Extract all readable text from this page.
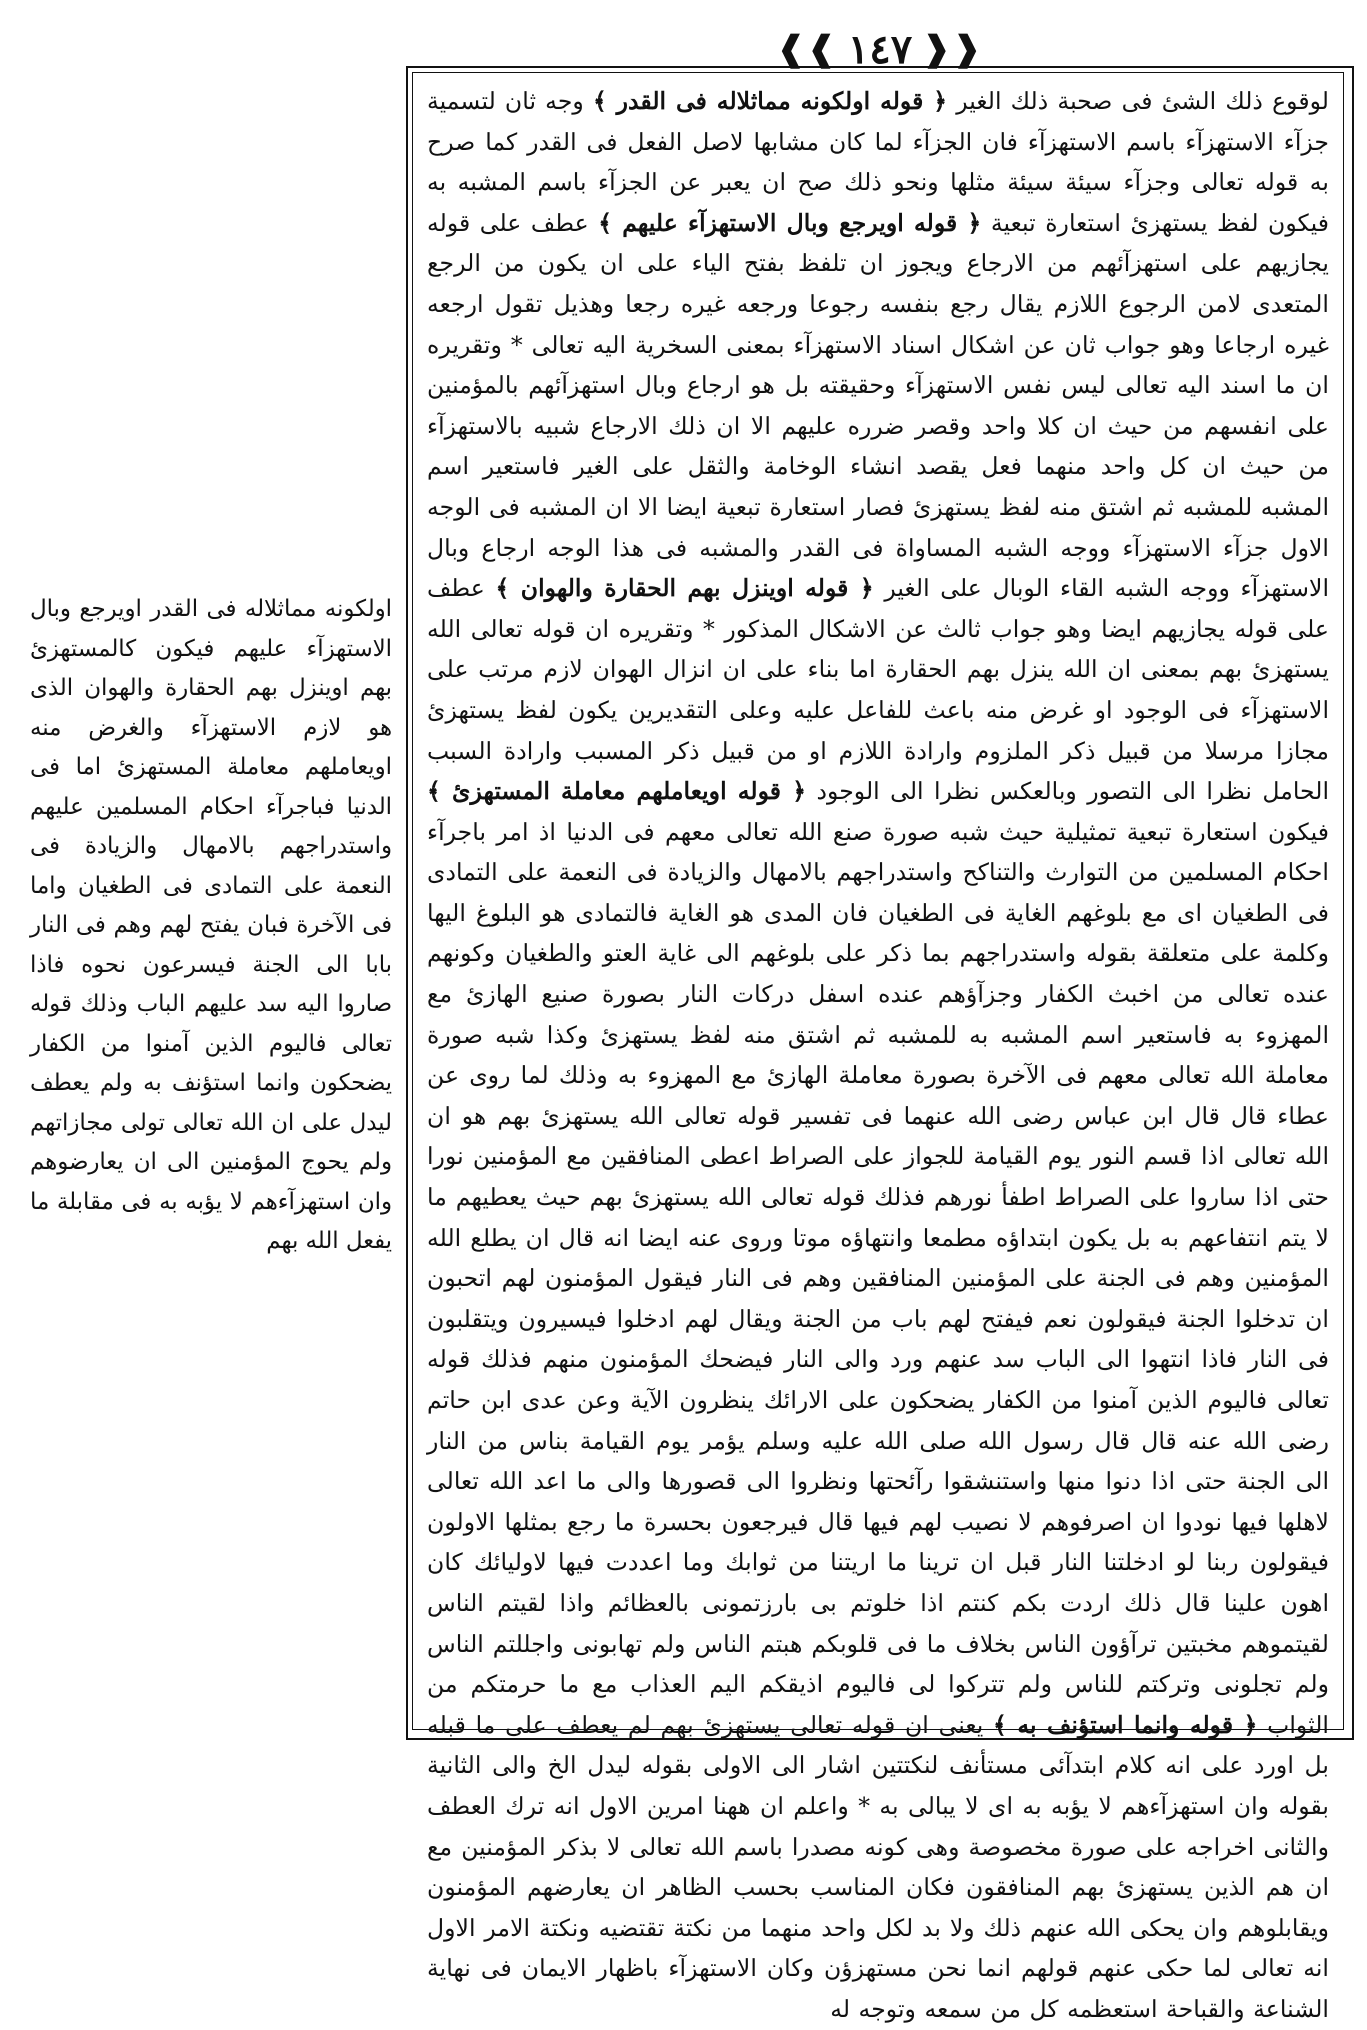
❰❰ ١٤٧ ❱❱

لوقوع ذلك الشیٔ فی صحبة ذلك الغیر ﴿ قوله اولکونه مماثلاله فی القدر ﴾ وجه ثان لتسمیة جزآء الاستهزآء باسم الاستهزآء فان الجزآء لما کان مشابها لاصل الفعل فی القدر کما صرح به قوله تعالی وجزآء سیئة سیئة مثلها ونحو ذلك صح ان یعبر عن الجزآء باسم المشبه به فیکون لفظ یستهزئ استعارة تبعیة ﴿ قوله اویرجع وبال الاستهزآء علیهم ﴾ عطف علی قوله یجازیهم علی استهزآئهم من الارجاع ویجوز ان تلفظ بفتح الیاء علی ان یکون من الرجع المتعدی لامن الرجوع اللازم یقال رجع بنفسه رجوعا ورجعه غیره رجعا وهذیل تقول ارجعه غیره ارجاعا وهو جواب ثان عن اشکال اسناد الاستهزآء بمعنی السخریة الیه تعالی * وتقریره ان ما اسند الیه تعالی لیس نفس الاستهزآء وحقیقته بل هو ارجاع وبال استهزآئهم بالمؤمنین علی انفسهم من حیث ان کلا واحد وقصر ضرره علیهم الا ان ذلك الارجاع شبیه بالاستهزآء من حیث ان کل واحد منهما فعل یقصد انشاء الوخامة والثقل علی الغیر فاستعیر اسم المشبه للمشبه ثم اشتق منه لفظ یستهزئ فصار استعارة تبعیة ایضا الا ان المشبه فی الوجه الاول جزآء الاستهزآء ووجه الشبه المساواة فی القدر والمشبه فی هذا الوجه ارجاع وبال الاستهزآء ووجه الشبه القاء الوبال علی الغیر ﴿ قوله اوینزل بهم الحقارة والهوان ﴾ عطف علی قوله یجازیهم ایضا وهو جواب ثالث عن الاشکال المذکور * وتقریره ان قوله تعالی الله یستهزئ بهم بمعنی ان الله ینزل بهم الحقارة اما بناء علی ان انزال الهوان لازم مرتب علی الاستهزآء فی الوجود او غرض منه باعث للفاعل علیه وعلی التقدیرین یکون لفظ یستهزئ مجازا مرسلا من قبیل ذکر الملزوم وارادة اللازم او من قبیل ذکر المسبب وارادة السبب الحامل نظرا الی التصور وبالعکس نظرا الی الوجود ﴿ قوله اویعاملهم معاملة المستهزئ ﴾ فیکون استعارة تبعیة تمثیلیة حیث شبه صورة صنع الله تعالی معهم فی الدنیا اذ امر باجرآء احکام المسلمین من التوارث والتناکح واستدراجهم بالامهال والزیادة فی النعمة علی التمادی فی الطغیان ای مع بلوغهم الغایة فی الطغیان فان المدی هو الغایة فالتمادی هو البلوغ الیها وکلمة علی متعلقة بقوله واستدراجهم بما ذکر علی بلوغهم الی غایة العتو والطغیان وکونهم عنده تعالی من اخبث الکفار وجزآؤهم عنده اسفل درکات النار بصورة صنیع الهازئ مع المهزوء به فاستعیر اسم المشبه به للمشبه ثم اشتق منه لفظ یستهزئ وکذا شبه صورة معاملة الله تعالی معهم فی الآخرة بصورة معاملة الهازئ مع المهزوء به وذلك لما روی عن عطاء قال قال ابن عباس رضی الله عنهما فی تفسیر قوله تعالی الله یستهزئ بهم هو ان الله تعالی اذا قسم النور یوم القیامة للجواز علی الصراط اعطی المنافقین مع المؤمنین نورا حتی اذا ساروا علی الصراط اطفأ نورهم فذلك قوله تعالی الله یستهزئ بهم حیث یعطیهم ما لا یتم انتفاعهم به بل یکون ابتداؤه مطمعا وانتهاؤه موتا وروی عنه ایضا انه قال ان یطلع الله المؤمنین وهم فی الجنة علی المؤمنین المنافقین وهم فی النار فیقول المؤمنون لهم اتحبون ان تدخلوا الجنة فیقولون نعم فیفتح لهم باب من الجنة ویقال لهم ادخلوا فیسیرون ویتقلبون فی النار فاذا انتهوا الی الباب سد عنهم ورد والی النار فیضحك المؤمنون منهم فذلك قوله تعالی فالیوم الذین آمنوا من الکفار یضحکون علی الارائك ینظرون الآیة وعن عدی ابن حاتم رضی الله عنه قال قال رسول الله صلی الله علیه وسلم یؤمر یوم القیامة بناس من النار الی الجنة حتی اذا دنوا منها واستنشقوا رآئحتها ونظروا الی قصورها والی ما اعد الله تعالی لاهلها فیها نودوا ان اصرفوهم لا نصیب لهم فیها قال فیرجعون بحسرة ما رجع بمثلها الاولون فیقولون ربنا لو ادخلتنا النار قبل ان ترینا ما اریتنا من ثوابك وما اعددت فیها لاولیائك کان اهون علینا قال ذلك اردت بکم کنتم اذا خلوتم بی بارزتمونی بالعظائم واذا لقیتم الناس لقیتموهم مخبتین ترآؤون الناس بخلاف ما فی قلوبکم هبتم الناس ولم تهابونی واجللتم الناس ولم تجلونی وترکتم للناس ولم تترکوا لی فالیوم اذیقکم الیم العذاب مع ما حرمتکم من الثواب ﴿ قوله وانما استؤنف به ﴾ یعنی ان قوله تعالی یستهزئ بهم لم یعطف علی ما قبله بل اورد علی انه کلام ابتدآئی مستأنف لنکتتین اشار الی الاولی بقوله لیدل الخ والی الثانیة بقوله وان استهزآءهم لا یؤبه به ای لا یبالی به * واعلم ان ههنا امرین الاول انه ترك العطف والثانی اخراجه علی صورة مخصوصة وهی کونه مصدرا باسم الله تعالی لا بذکر المؤمنین مع ان هم الذین یستهزئ بهم المنافقون فکان المناسب بحسب الظاهر ان یعارضهم المؤمنون ویقابلوهم وان یحکی الله عنهم ذلك ولا بد لکل واحد منهما من نکتة تقتضیه ونکتة الامر الاول انه تعالی لما حکی عنهم قولهم انما نحن مستهزؤن وکان الاستهزآء باظهار الایمان فی نهایة الشناعة والقباحة استعظمه کل من سمعه وتوجه له

اولکونه مماثلاله فی القدر اویرجع وبال الاستهزآء علیهم فیکون کالمستهزئ بهم اوینزل بهم الحقارة والهوان الذی هو لازم الاستهزآء والغرض منه اویعاملهم معاملة المستهزئ اما فی الدنیا فباجرآء احکام المسلمین علیهم واستدراجهم بالامهال والزیادة فی النعمة علی التمادی فی الطغیان واما فی الآخرة فبان یفتح لهم وهم فی النار بابا الی الجنة فیسرعون نحوه فاذا صاروا الیه سد علیهم الباب وذلك قوله تعالی فالیوم الذین آمنوا من الکفار یضحکون وانما استؤنف به ولم یعطف لیدل علی ان الله تعالی تولی مجازاتهم ولم یحوج المؤمنین الی ان یعارضوهم وان استهزآءهم لا یؤبه به فی مقابلة ما یفعل الله بهم
